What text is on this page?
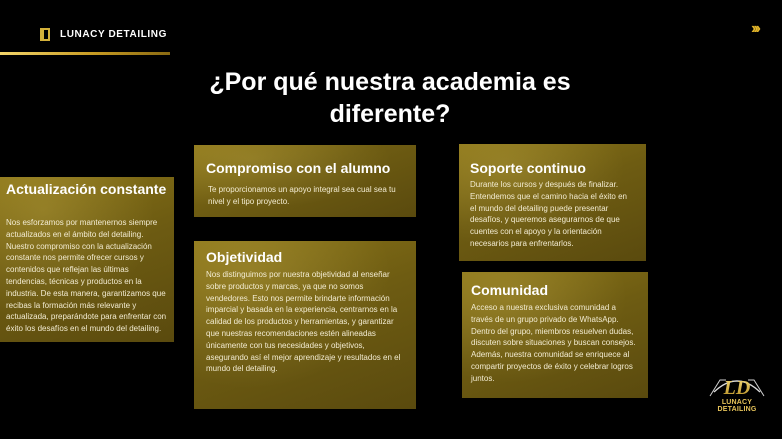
LUNACY DETAILING	›››
¿Por qué nuestra academia es diferente?
Actualización constante

Nos esforzamos por mantenernos siempre actualizados en el ámbito del detailing. Nuestro compromiso con la actualización constante nos permite ofrecer cursos y contenidos que reflejan las últimas tendencias, técnicas y productos en la industria. De esta manera, garantizamos que recibas la formación más relevante y actualizada, preparándote para enfrentar con éxito los desafíos en el mundo del detailing.

Compromiso con el alumno

Te proporcionamos un apoyo integral sea cual sea tu nivel y el tipo proyecto.

Objetividad

Nos distinguimos por nuestra objetividad al enseñar sobre productos y marcas, ya que no somos vendedores. Esto nos permite brindarte información imparcial y basada en la experiencia, centrarnos en la calidad de los productos y herramientas, y garantizar que nuestras recomendaciones estén alineadas únicamente con tus necesidades y objetivos, asegurando así el mejor aprendizaje y resultados en el mundo del detailing.

Soporte continuo

Durante los cursos y después de finalizar. Entendemos que el camino hacia el éxito en el mundo del detailing puede presentar desafíos, y queremos asegurarnos de que cuentes con el apoyo y la orientación necesarios para enfrentarlos.

Comunidad

Acceso a nuestra exclusiva comunidad a través de un grupo privado de WhatsApp. Dentro del grupo, miembros resuelven dudas, discuten sobre situaciones y buscan consejos. Además, nuestra comunidad se enriquece al compartir proyectos de éxito y celebrar logros juntos.	LD
LUNACY DETAILING
